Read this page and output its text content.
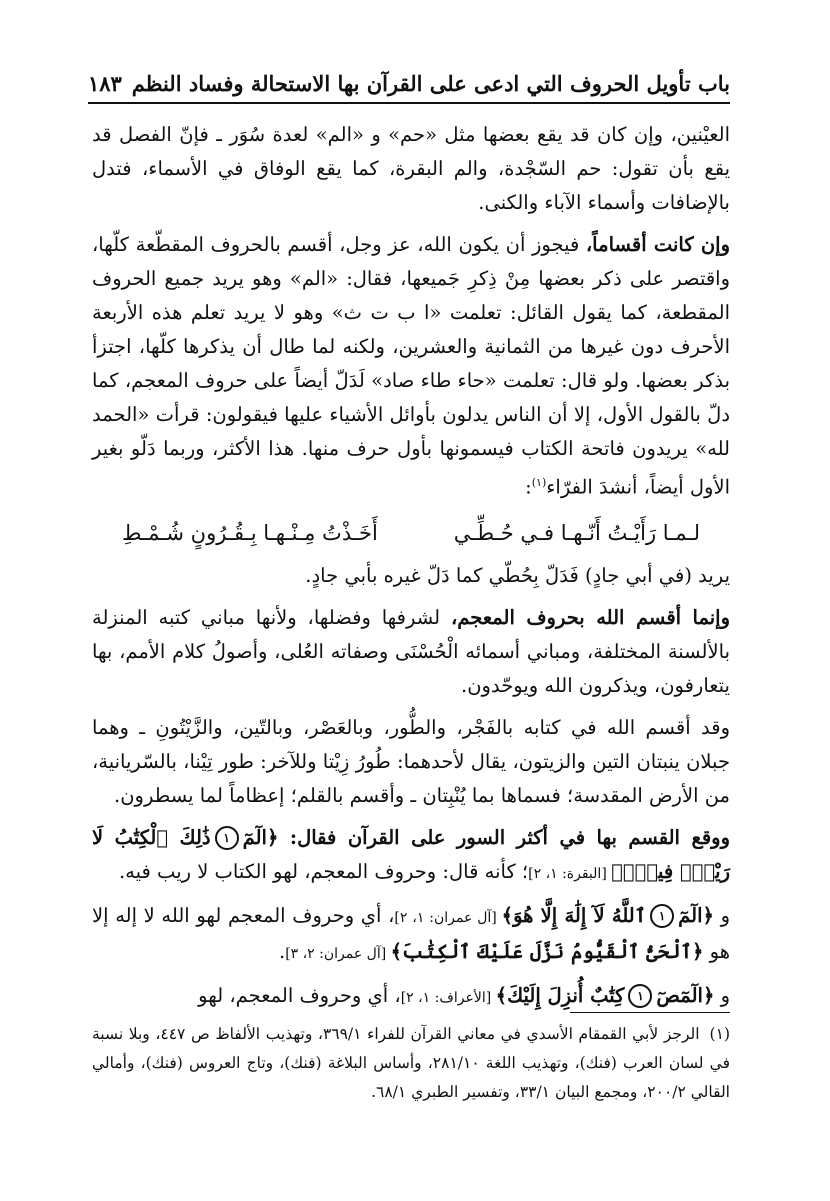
باب تأويل الحروف التي ادعى على القرآن بها الاستحالة وفساد النظم
١٨٣

العيْنين، وإن كان قد يقع بعضها مثل «حم» و «الم» لعدة سُوَر ـ فإنّ الفصل قد يقع بأن تقول: حم السّجْدة، والم البقرة، كما يقع الوفاق في الأسماء، فتدل بالإضافات وأسماء الآباء والكنى.

وإن كانت أقساماً، فيجوز أن يكون الله، عز وجل، أقسم بالحروف المقطّعة كلّها، واقتصر على ذكر بعضها مِنْ ذِكرِ جَميعها، فقال: «الم» وهو يريد جميع الحروف المقطعة، كما يقول القائل: تعلمت «ا ب ت ث» وهو لا يريد تعلم هذه الأربعة الأحرف دون غيرها من الثمانية والعشرين، ولكنه لما طال أن يذكرها كلّها، اجتزأ بذكر بعضها. ولو قال: تعلمت «حاء طاء صاد» لَدَلّ أيضاً على حروف المعجم، كما دلّ بالقول الأول، إلا أن الناس يدلون بأوائل الأشياء عليها فيقولون: قرأت «الحمد لله» يريدون فاتحة الكتاب فيسمونها بأول حرف منها. هذا الأكثر، وربما دَلّو بغير الأول أيضاً، أنشدَ الفرّاء$^{(١)}$:

لـمـا رَأَيْـتُ أَنّـهـا فـي حُـطِّـي
أَخَـذْتُ مِـنْـهـا بِـقُـرُونٍ شُـمْـطِ

يريد (في أبي جادٍ) فَدَلّ بِحُطّي كما دَلّ غيره بأبي جادٍ.

وإنما أقسم الله بحروف المعجم، لشرفها وفضلها، ولأنها مباني كتبه المنزلة بالألسنة المختلفة، ومباني أسمائه الْحُسْنَى وصفاته العُلى، وأصولُ كلام الأمم، بها يتعارفون، ويذكرون الله ويوحّدون.

وقد أقسم الله في كتابه بالفَجْر، والطُّور، وبالعَصْر، وبالتّين، والزَّيْتُونِ ـ وهما جبلان ينبتان التين والزيتون، يقال لأحدهما: طُورُ زِيْتا وللآخر: طور تِيْنا، بالسّريانية، من الأرض المقدسة؛ فسماها بما يُنْبِتان ـ وأقسم بالقلم؛ إعظاماً لما يسطرون.

ووقع القسم بها في أكثر السور على القرآن فقال: ﴿الٓمٓ١ذَٰلِكَ ٱلْكِتَٰبُ لَا رَيْبَۛ فِيهِۛ﴾ [البقرة: ١، ٢]؛ كأنه قال: وحروف المعجم، لهو الكتاب لا ريب فيه.

و ﴿الٓمٓ١ٱللَّهُ لَآ إِلَٰهَ إِلَّا هُوَ﴾ [آل عمران: ١، ٢]، أي وحروف المعجم لهو الله لا إله إلا هو ﴿ٱلْحَىُّ ٱلْقَيُّومُ نَزَّلَ عَلَيْكَ ٱلْكِتَٰبَ﴾ [آل عمران: ٢، ٣].

و ﴿الٓمٓصٓ١كِتَٰبٌ أُنزِلَ إِلَيْكَ﴾ [الأعراف: ١، ٢]، أي وحروف المعجم، لهو

(١)الرجز لأبي القمقام الأسدي في معاني القرآن للفراء ٣٦٩/١، وتهذيب الألفاظ ص ٤٤٧، وبلا نسبة في لسان العرب (فنك)، وتهذيب اللغة ٢٨١/١٠، وأساس البلاغة (فنك)، وتاج العروس (فنك)، وأمالي القالي ٢٠٠/٢، ومجمع البيان ٣٣/١، وتفسير الطبري ٦٨/١.
